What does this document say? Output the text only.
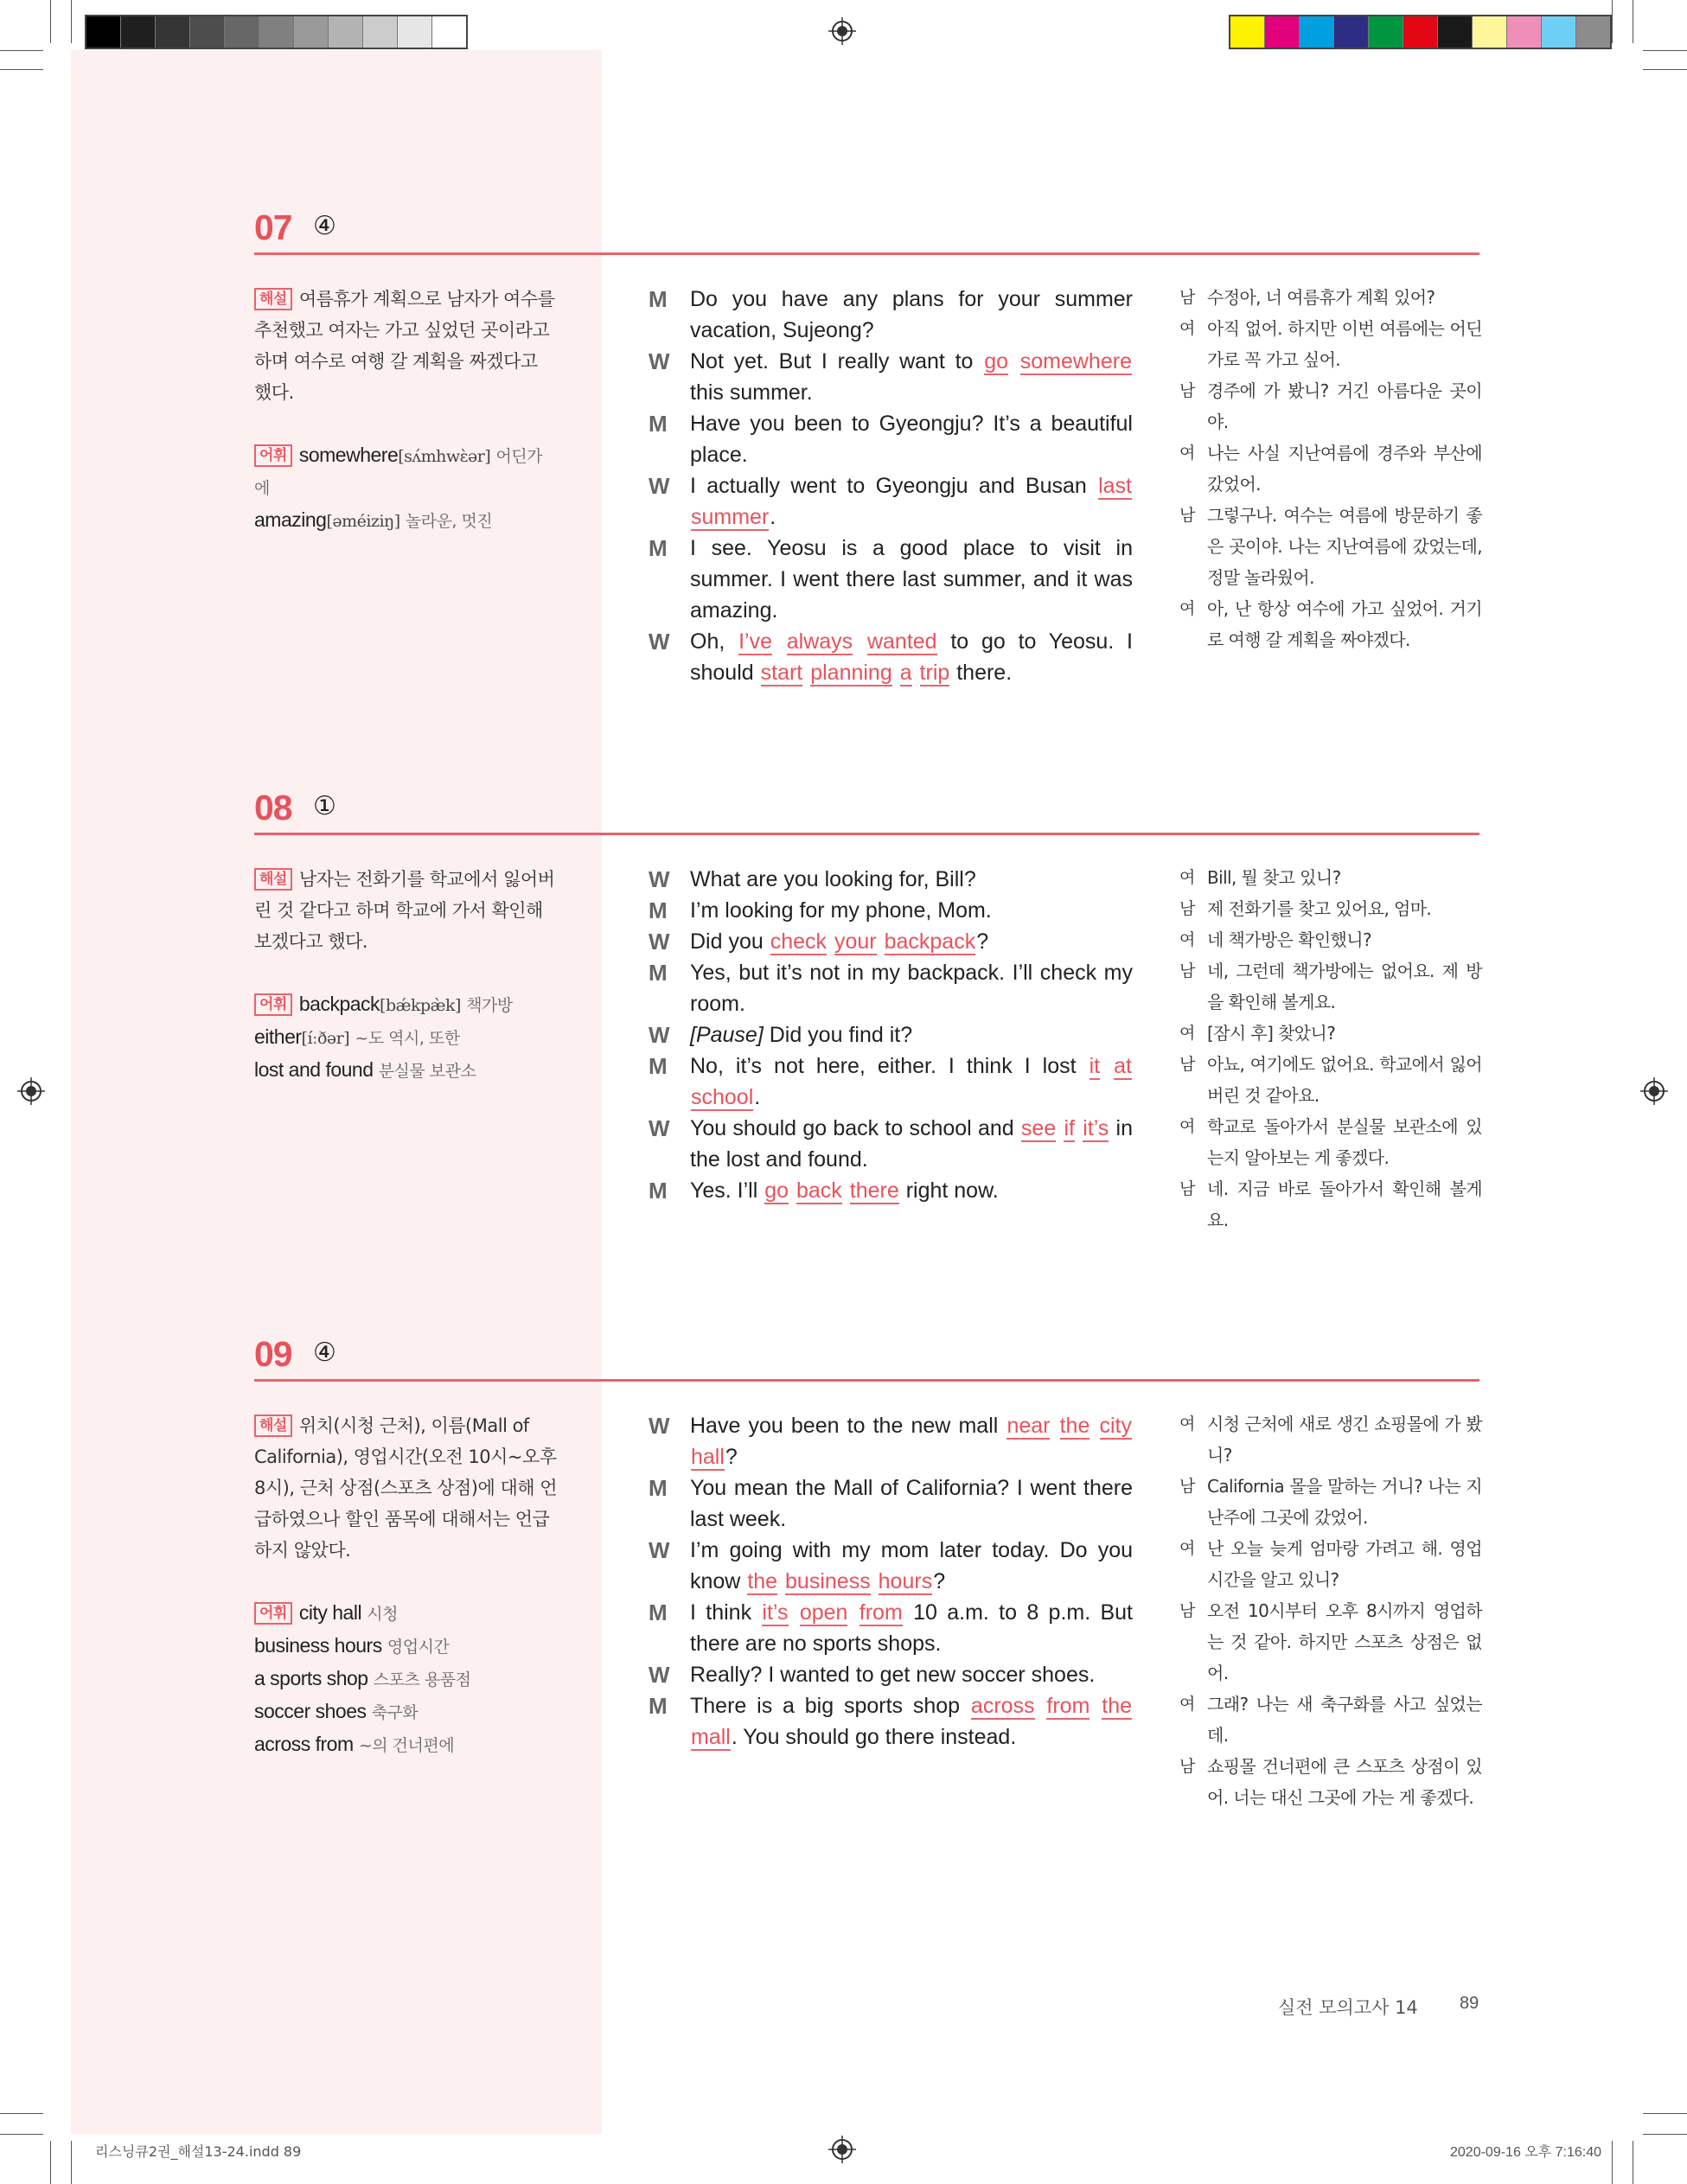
07 ④

해설 여름휴가 계획으로 남자가 여수를 추천했고 여자는 가고 싶었던 곳이라고 하며 여수로 여행 갈 계획을 짜겠다고 했다.

어휘 somewhere[sʌ́mhwɛ̀ər] 어딘가에
amazing[əméiziŋ] 놀라운, 멋진
M	Do you have any plans for your summer vacation, Sujeong?
W Not yet. But I really want to go somewhere this summer.
M	Have you been to Gyeongju? It’s a beautiful place.
W I actually went to Gyeongju and Busan last summer.
M	I see. Yeosu is a good place to visit in summer. I went there last summer, and it was amazing.
W Oh, I’ve always wanted to go to Yeosu. I should start planning a trip there.
남 수정아, 너 여름휴가 계획 있어?
여 아직 없어. 하지만 이번 여름에는 어딘가로 꼭 가고 싶어.
남 경주에 가 봤니? 거긴 아름다운 곳이야.
여 나는 사실 지난여름에 경주와 부산에 갔었어.
남 그렇구나. 여수는 여름에 방문하기 좋은 곳이야. 나는 지난여름에 갔었는데, 정말 놀라웠어.
여 아, 난 항상 여수에 가고 싶었어. 거기로 여행 갈 계획을 짜야겠다.
08 ①

해설 남자는 전화기를 학교에서 잃어버린 것 같다고 하며 학교에 가서 확인해 보겠다고 했다.

어휘 backpack[bǽkpæ̀k] 책가방
either[íːðər] ~도 역시, 또한
lost and found 분실물 보관소
W What are you looking for, Bill?
M	I’m looking for my phone, Mom.
W Did you check your backpack?
M	Yes, but it’s not in my backpack. I’ll check my room.
W [Pause] Did you find it?
M	No, it’s not here, either. I think I lost it at school.
W You should go back to school and see if it’s in the lost and found.
M	Yes. I’ll go back there right now.
여 Bill, 뭘 찾고 있니?
남 제 전화기를 찾고 있어요, 엄마.
여 네 책가방은 확인했니?
남 네, 그런데 책가방에는 없어요. 제 방을 확인해 볼게요.
여 [잠시 후] 찾았니?
남 아뇨, 여기에도 없어요. 학교에서 잃어버린 것 같아요.
여 학교로 돌아가서 분실물 보관소에 있는지 알아보는 게 좋겠다.
남 네. 지금 바로 돌아가서 확인해 볼게요.
09 ④

해설 위치(시청 근처), 이름(Mall of California), 영업시간(오전 10시~오후 8시), 근처 상점(스포츠 상점)에 대해 언급하였으나 할인 품목에 대해서는 언급하지 않았다.

어휘 city hall 시청
business hours 영업시간
a sports shop 스포츠 용품점
soccer shoes 축구화
across from ~의 건너편에
W Have you been to the new mall near the city hall?
M	You mean the Mall of California? I went there last week.
W I’m going with my mom later today. Do you know the business hours?
M	I think it’s open from 10 a.m. to 8 p.m. But there are no sports shops.
W Really? I wanted to get new soccer shoes.
M	There is a big sports shop across from the mall. You should go there instead.
여 시청 근처에 새로 생긴 쇼핑몰에 가 봤니?
남 California 몰을 말하는 거니? 나는 지난주에 그곳에 갔었어.
여 난 오늘 늦게 엄마랑 가려고 해. 영업 시간을 알고 있니?
남 오전 10시부터 오후 8시까지 영업하는 것 같아. 하지만 스포츠 상점은 없어.
여 그래? 나는 새 축구화를 사고 싶었는데.
남 쇼핑몰 건너편에 큰 스포츠 상점이 있어. 너는 대신 그곳에 가는 게 좋겠다.
실전 모의고사 14 89
리스닝큐2권_해설13-24.indd 89	2020-09-16 오후 7:16:40
